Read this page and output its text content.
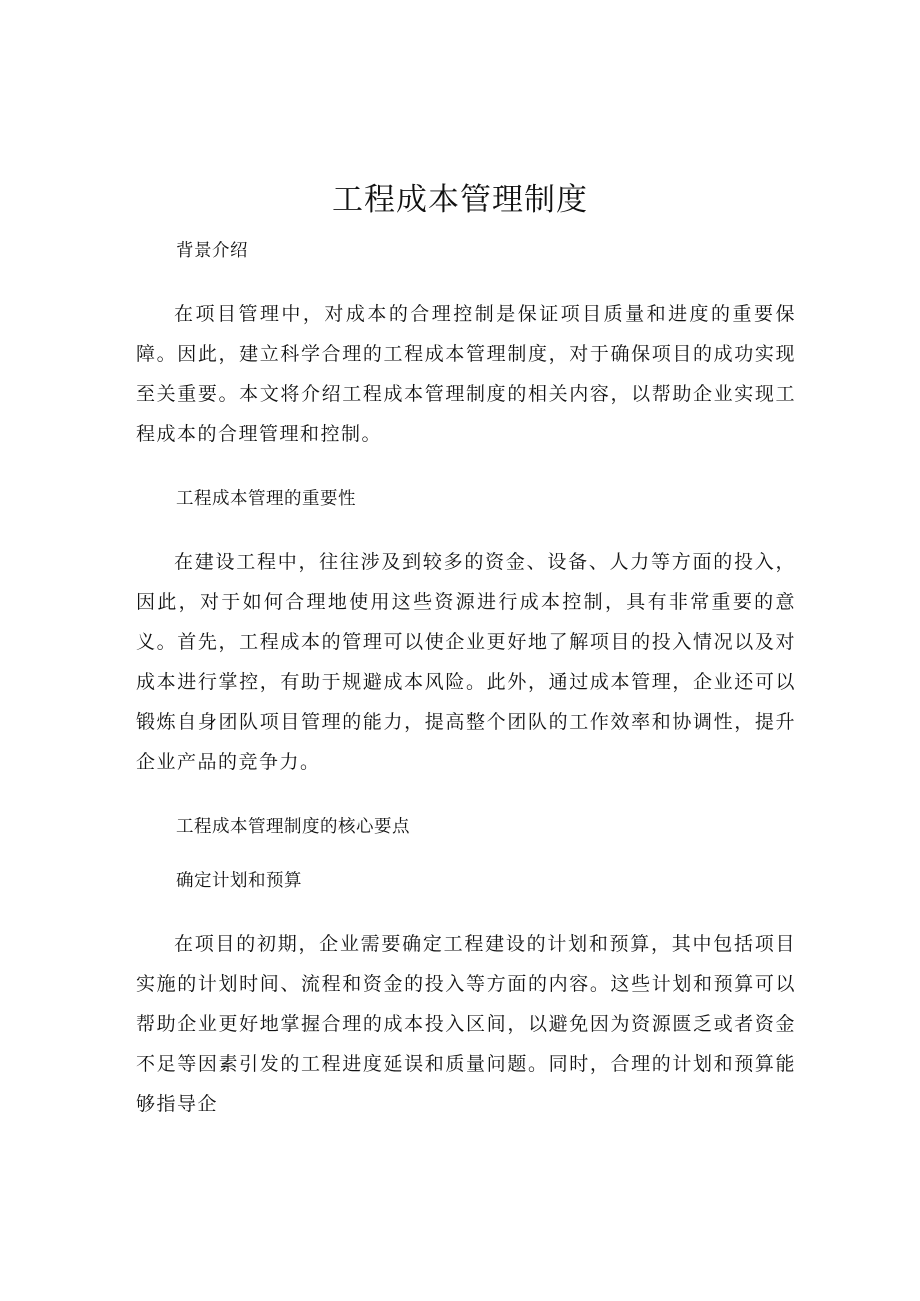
工程成本管理制度
背景介绍

在项目管理中，对成本的合理控制是保证项目质量和进度的重要保障。因此，建立科学合理的工程成本管理制度，对于确保项目的成功实现至关重要。本文将介绍工程成本管理制度的相关内容，以帮助企业实现工程成本的合理管理和控制。

工程成本管理的重要性

在建设工程中，往往涉及到较多的资金、设备、人力等方面的投入，因此，对于如何合理地使用这些资源进行成本控制，具有非常重要的意义。首先，工程成本的管理可以使企业更好地了解项目的投入情况以及对成本进行掌控，有助于规避成本风险。此外，通过成本管理，企业还可以锻炼自身团队项目管理的能力，提高整个团队的工作效率和协调性，提升企业产品的竞争力。

工程成本管理制度的核心要点
确定计划和预算

在项目的初期，企业需要确定工程建设的计划和预算，其中包括项目实施的计划时间、流程和资金的投入等方面的内容。这些计划和预算可以帮助企业更好地掌握合理的成本投入区间，以避免因为资源匮乏或者资金不足等因素引发的工程进度延误和质量问题。同时，合理的计划和预算能够指导企
